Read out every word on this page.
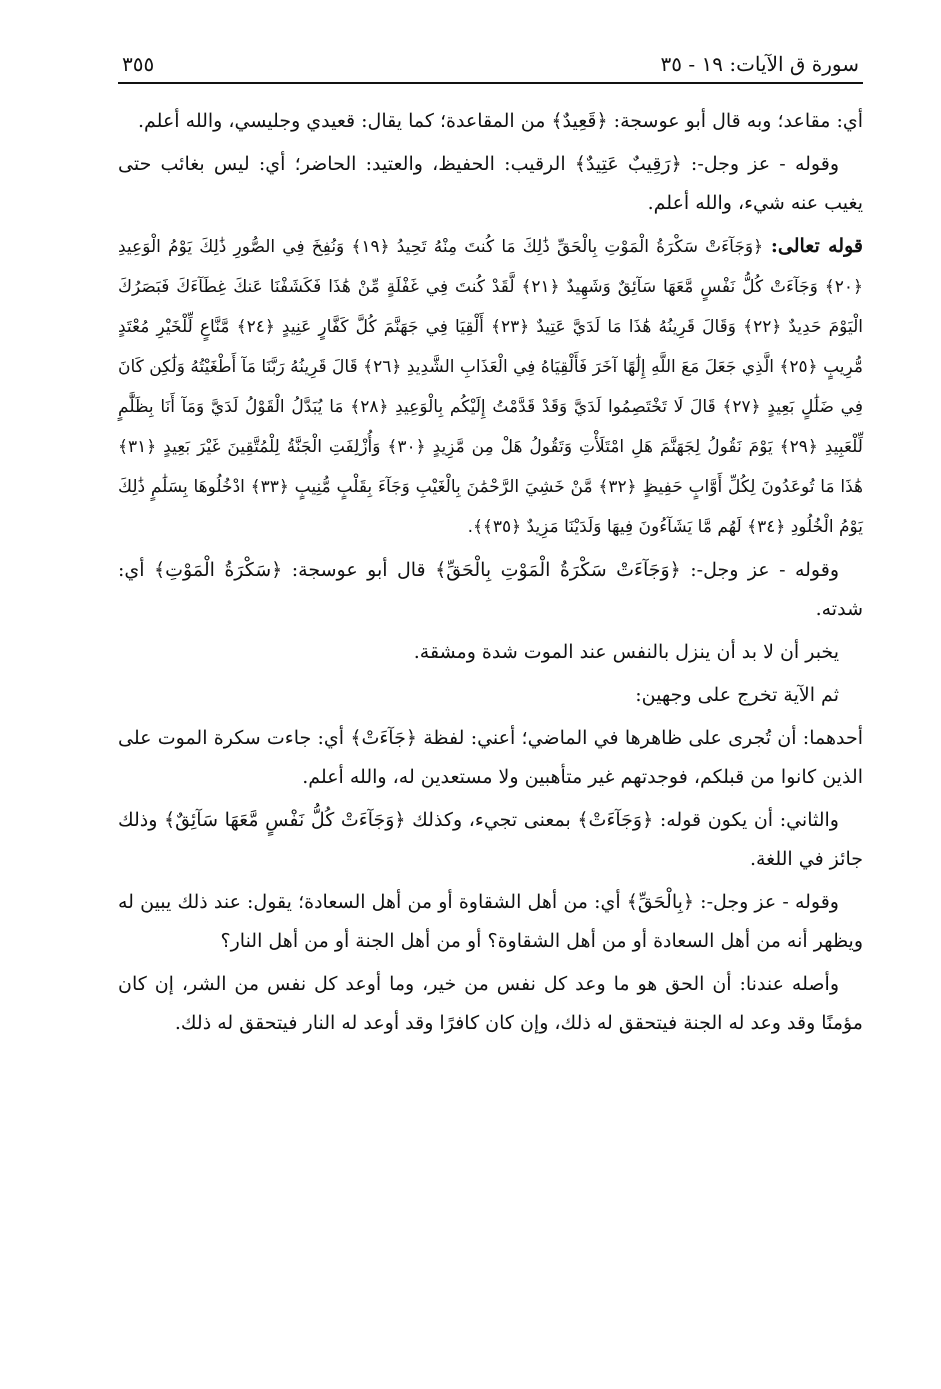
سورة ق الآيات: ١٩ - ٣٥
٣٥٥

أي: مقاعد؛ وبه قال أبو عوسجة: ﴿قَعِيدٌ﴾ من المقاعدة؛ كما يقال: قعيدي وجليسي، والله أعلم.

وقوله - عز وجل-: ﴿رَقِيبٌ عَتِيدٌ﴾ الرقيب: الحفيظ، والعتيد: الحاضر؛ أي: ليس بغائب حتى يغيب عنه شيء، والله أعلم.

قوله تعالى: ﴿وَجَآءَتْ سَكْرَةُ الْمَوْتِ بِالْحَقِّ ذَٰلِكَ مَا كُنتَ مِنْهُ تَحِيدُ ﴿١٩﴾ وَنُفِخَ فِي الصُّورِ ذَٰلِكَ يَوْمُ الْوَعِيدِ ﴿٢٠﴾ وَجَآءَتْ كُلُّ نَفْسٍ مَّعَهَا سَآئِقٌ وَشَهِيدٌ ﴿٢١﴾ لَّقَدْ كُنتَ فِي غَفْلَةٍ مِّنْ هَٰذَا فَكَشَفْنَا عَنكَ غِطَآءَكَ فَبَصَرُكَ الْيَوْمَ حَدِيدٌ ﴿٢٢﴾ وَقَالَ قَرِينُهُ هَٰذَا مَا لَدَيَّ عَتِيدٌ ﴿٢٣﴾ أَلْقِيَا فِي جَهَنَّمَ كُلَّ كَفَّارٍ عَنِيدٍ ﴿٢٤﴾ مَّنَّاعٍ لِّلْخَيْرِ مُعْتَدٍ مُّرِيبٍ ﴿٢٥﴾ الَّذِي جَعَلَ مَعَ اللَّهِ إِلَٰهًا آخَرَ فَأَلْقِيَاهُ فِي الْعَذَابِ الشَّدِيدِ ﴿٢٦﴾ قَالَ قَرِينُهُ رَبَّنَا مَآ أَطْغَيْتُهُ وَلَٰكِن كَانَ فِي ضَلَٰلٍ بَعِيدٍ ﴿٢٧﴾ قَالَ لَا تَخْتَصِمُوا لَدَيَّ وَقَدْ قَدَّمْتُ إِلَيْكُم بِالْوَعِيدِ ﴿٢٨﴾ مَا يُبَدَّلُ الْقَوْلُ لَدَيَّ وَمَآ أَنَا بِظَلَّٰمٍ لِّلْعَبِيدِ ﴿٢٩﴾ يَوْمَ نَقُولُ لِجَهَنَّمَ هَلِ امْتَلَأْتِ وَتَقُولُ هَلْ مِن مَّزِيدٍ ﴿٣٠﴾ وَأُزْلِفَتِ الْجَنَّةُ لِلْمُتَّقِينَ غَيْرَ بَعِيدٍ ﴿٣١﴾ هَٰذَا مَا تُوعَدُونَ لِكُلِّ أَوَّابٍ حَفِيظٍ ﴿٣٢﴾ مَّنْ خَشِيَ الرَّحْمَٰنَ بِالْغَيْبِ وَجَآءَ بِقَلْبٍ مُّنِيبٍ ﴿٣٣﴾ ادْخُلُوهَا بِسَلَٰمٍ ذَٰلِكَ يَوْمُ الْخُلُودِ ﴿٣٤﴾ لَهُم مَّا يَشَآءُونَ فِيهَا وَلَدَيْنَا مَزِيدٌ ﴿٣٥﴾﴾.

وقوله - عز وجل-: ﴿وَجَآءَتْ سَكْرَةُ الْمَوْتِ بِالْحَقِّ﴾ قال أبو عوسجة: ﴿سَكْرَةُ الْمَوْتِ﴾ أي: شدته.

يخبر أن لا بد أن ينزل بالنفس عند الموت شدة ومشقة.

ثم الآية تخرج على وجهين:

أحدهما: أن تُجرى على ظاهرها في الماضي؛ أعني: لفظة ﴿جَآءَتْ﴾ أي: جاءت سكرة الموت على الذين كانوا من قبلكم، فوجدتهم غير متأهبين ولا مستعدين له، والله أعلم.

والثاني: أن يكون قوله: ﴿وَجَآءَتْ﴾ بمعنى تجيء، وكذلك ﴿وَجَآءَتْ كُلُّ نَفْسٍ مَّعَهَا سَآئِقٌ﴾ وذلك جائز في اللغة.

وقوله - عز وجل-: ﴿بِالْحَقِّ﴾ أي: من أهل الشقاوة أو من أهل السعادة؛ يقول: عند ذلك يبين له ويظهر أنه من أهل السعادة أو من أهل الشقاوة؟ أو من أهل الجنة أو من أهل النار؟

وأصله عندنا: أن الحق هو ما وعد كل نفس من خير، وما أوعد كل نفس من الشر، إن كان مؤمنًا وقد وعد له الجنة فيتحقق له ذلك، وإن كان كافرًا وقد أوعد له النار فيتحقق له ذلك.
